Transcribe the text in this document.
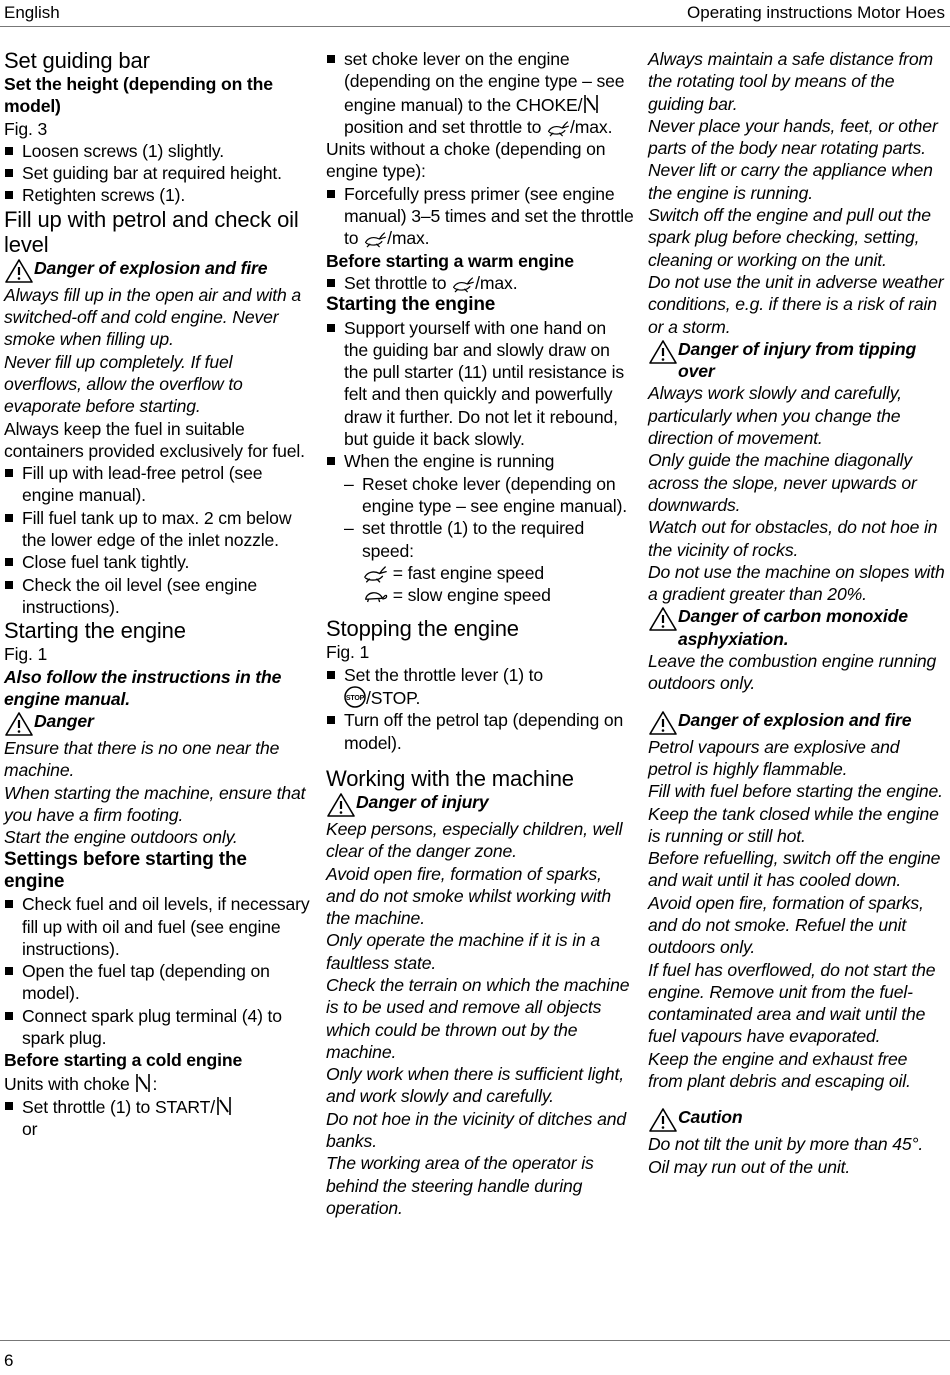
English	Operating instructions Motor Hoes

Set guiding bar

Set the height (depending on the model)

Fig. 3

Loosen screws (1) slightly.
Set guiding bar at required height.
Retighten screws (1).

Fill up with petrol and check oil level

Danger of explosion and fire

Always fill up in the open air and with a switched-off and cold engine. Never smoke when filling up.

Never fill up completely. If fuel overflows, allow the overflow to evaporate before starting.

Always keep the fuel in suitable containers provided exclusively for fuel.

Fill up with lead-free petrol (see engine manual).
Fill fuel tank up to max. 2 cm below the lower edge of the inlet nozzle.
Close fuel tank tightly.
Check the oil level (see engine instructions).

Starting the engine

Fig. 1

Also follow the instructions in the engine manual.

Danger

Ensure that there is no one near the machine.

When starting the machine, ensure that you have a firm footing.

Start the engine outdoors only.

Settings before starting the engine

Check fuel and oil levels, if necessary fill up with oil and fuel (see engine instructions).
Open the fuel tap (depending on model).
Connect spark plug terminal (4) to spark plug.

Before starting a cold engine

Units with choke :

Set throttle (1) to START/
or
set choke lever on the engine (depending on the engine type – see engine manual) to the CHOKE/ position and set throttle to /max.

Units without a choke (depending on engine type):

Forcefully press primer (see engine manual) 3–5 times and set the throttle to /max.

Before starting a warm engine

Set throttle to /max.

Starting the engine

Support yourself with one hand on the guiding bar and slowly draw on the pull starter (11) until resistance is felt and then quickly and powerfully draw it further. Do not let it rebound, but guide it back slowly.
When the engine is running
– Reset choke lever (depending on engine type – see engine manual).
– set throttle (1) to the required speed:

= fast engine speed

= slow engine speed

Stopping the engine

Fig. 1

Set the throttle lever (1) to

STOP /STOP.
Turn off the petrol tap (depending on model).

Working with the machine

Danger of injury

Keep persons, especially children, well clear of the danger zone.

Avoid open fire, formation of sparks, and do not smoke whilst working with the machine.

Only operate the machine if it is in a faultless state.

Check the terrain on which the machine is to be used and remove all objects which could be thrown out by the machine.

Only work when there is sufficient light, and work slowly and carefully.

Do not hoe in the vicinity of ditches and banks.

The working area of the operator is behind the steering handle during operation.

Always maintain a safe distance from the rotating tool by means of the guiding bar.

Never place your hands, feet, or other parts of the body near rotating parts.

Never lift or carry the appliance when the engine is running.

Switch off the engine and pull out the spark plug before checking, setting, cleaning or working on the unit.

Do not use the unit in adverse weather conditions, e.g. if there is a risk of rain or a storm.

Danger of injury from tipping over

Always work slowly and carefully, particularly when you change the direction of movement.

Only guide the machine diagonally across the slope, never upwards or downwards.

Watch out for obstacles, do not hoe in the vicinity of rocks.

Do not use the machine on slopes with a gradient greater than 20%.

Danger of carbon monoxide asphyxiation.

Leave the combustion engine running outdoors only.

Danger of explosion and fire

Petrol vapours are explosive and petrol is highly flammable.

Fill with fuel before starting the engine. Keep the tank closed while the engine is running or still hot.

Before refuelling, switch off the engine and wait until it has cooled down. Avoid open fire, formation of sparks, and do not smoke. Refuel the unit outdoors only.

If fuel has overflowed, do not start the engine. Remove unit from the fuel-contaminated area and wait until the fuel vapours have evaporated.

Keep the engine and exhaust free from plant debris and escaping oil.

Caution

Do not tilt the unit by more than 45°.

Oil may run out of the unit.

6
